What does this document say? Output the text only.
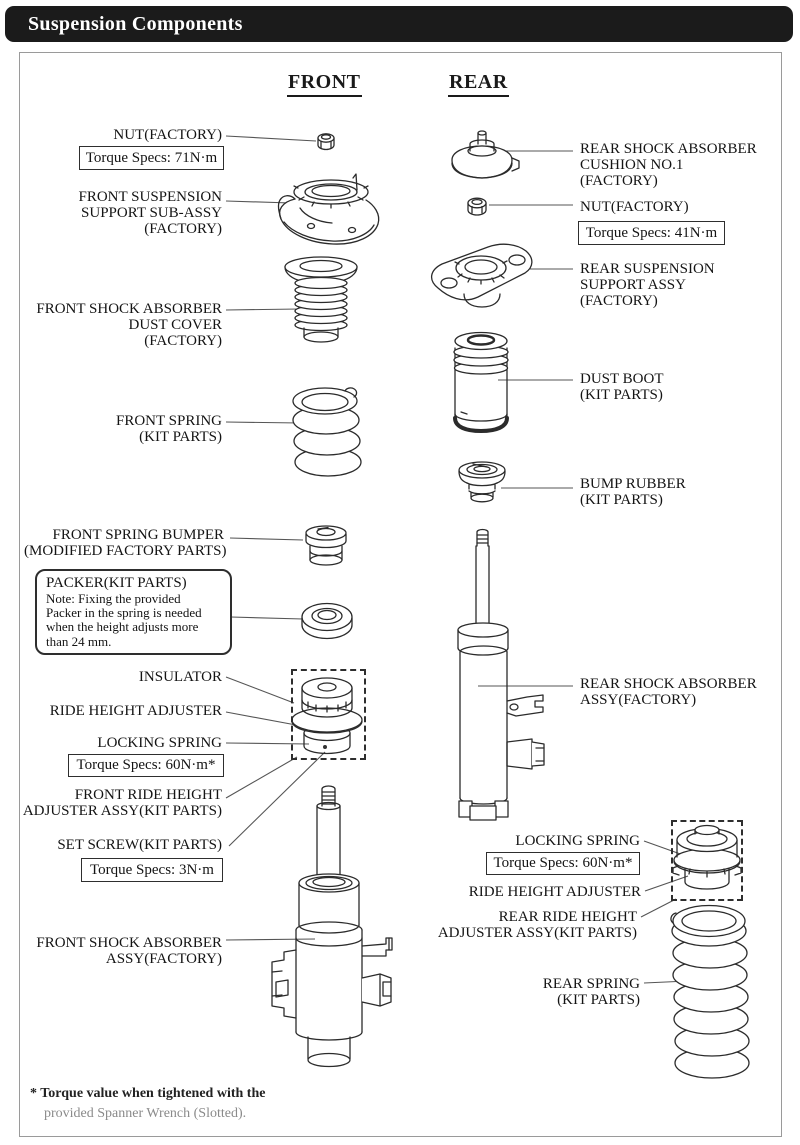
Suspension Components
FRONT	REAR
NUT(FACTORY)
Torque Specs: 71N·m
FRONT SUSPENSION
SUPPORT SUB-ASSY
(FACTORY)
FRONT SHOCK ABSORBER
DUST COVER
(FACTORY)
FRONT SPRING
(KIT PARTS)
FRONT SPRING BUMPER
(MODIFIED FACTORY PARTS)
PACKER(KIT PARTS)
Note: Fixing the provided
Packer in the spring is needed
when the height adjusts more
than 24 mm.
INSULATOR
RIDE HEIGHT ADJUSTER
LOCKING SPRING
Torque Specs: 60N·m*
FRONT RIDE HEIGHT
ADJUSTER ASSY(KIT PARTS)
SET SCREW(KIT PARTS)
Torque Specs: 3N·m
FRONT SHOCK ABSORBER
ASSY(FACTORY)
REAR SHOCK ABSORBER
CUSHION NO.1
(FACTORY)
NUT(FACTORY)
Torque Specs: 41N·m
REAR SUSPENSION
SUPPORT ASSY
(FACTORY)
DUST BOOT
(KIT PARTS)
BUMP RUBBER
(KIT PARTS)
REAR SHOCK ABSORBER
ASSY(FACTORY)
LOCKING SPRING
Torque Specs: 60N·m*
RIDE HEIGHT ADJUSTER
REAR RIDE HEIGHT
ADJUSTER ASSY(KIT PARTS)
REAR SPRING
(KIT PARTS)
* Torque value when tightened with the
provided Spanner Wrench (Slotted).
